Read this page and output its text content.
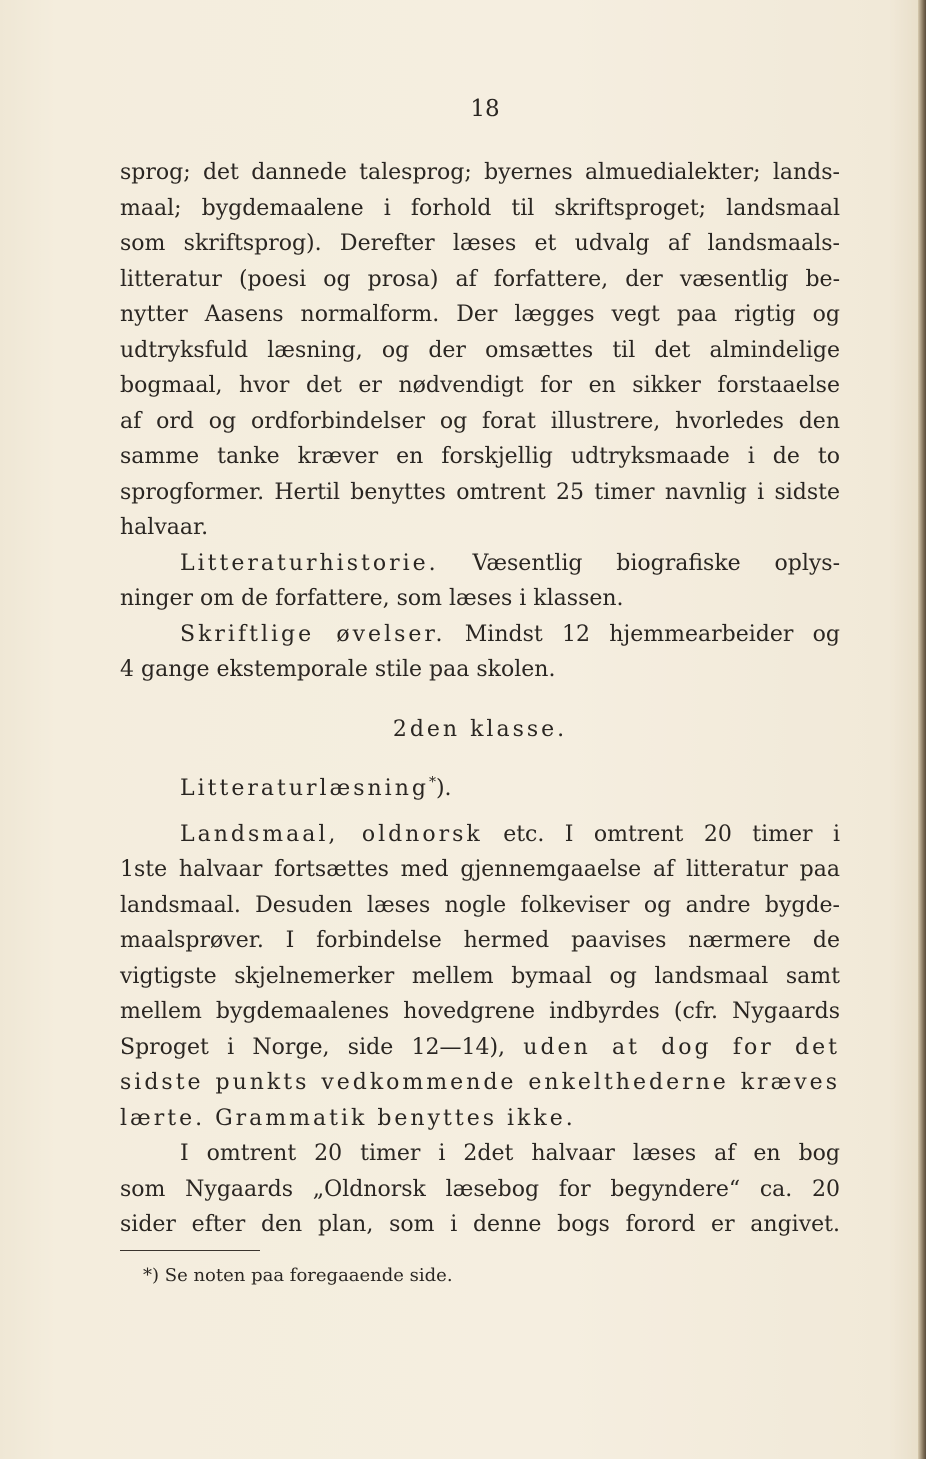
18
sprog; det dannede talesprog; byernes almuedialekter; lands-
maal; bygdemaalene i forhold til skriftsproget; landsmaal
som skriftsprog). Derefter læses et udvalg af landsmaals-
litteratur (poesi og prosa) af forfattere, der væsentlig be-
nytter Aasens normalform. Der lægges vegt paa rigtig og
udtryksfuld læsning, og der omsættes til det almindelige
bogmaal, hvor det er nødvendigt for en sikker forstaaelse
af ord og ordforbindelser og forat illustrere, hvorledes den
samme tanke kræver en forskjellig udtryksmaade i de to
sprogformer. Hertil benyttes omtrent 25 timer navnlig i sidste
halvaar.
Litteraturhistorie. Væsentlig biografiske oplys-
ninger om de forfattere, som læses i klassen.
Skriftlige øvelser. Mindst 12 hjemmearbeider og
4 gange ekstemporale stile paa skolen.
2den klasse.
Litteraturlæsning*).
Landsmaal, oldnorsk etc. I omtrent 20 timer i
1ste halvaar fortsættes med gjennemgaaelse af litteratur paa
landsmaal. Desuden læses nogle folkeviser og andre bygde-
maalsprøver. I forbindelse hermed paavises nærmere de
vigtigste skjelnemerker mellem bymaal og landsmaal samt
mellem bygdemaalenes hovedgrene indbyrdes (cfr. Nygaards
Sproget i Norge, side 12—14), uden at dog for det
sidste punkts vedkommende enkelthederne kræves
lærte. Grammatik benyttes ikke.
I omtrent 20 timer i 2det halvaar læses af en bog
som Nygaards „Oldnorsk læsebog for begyndere“ ca. 20
sider efter den plan, som i denne bogs forord er angivet.
*) Se noten paa foregaaende side.
